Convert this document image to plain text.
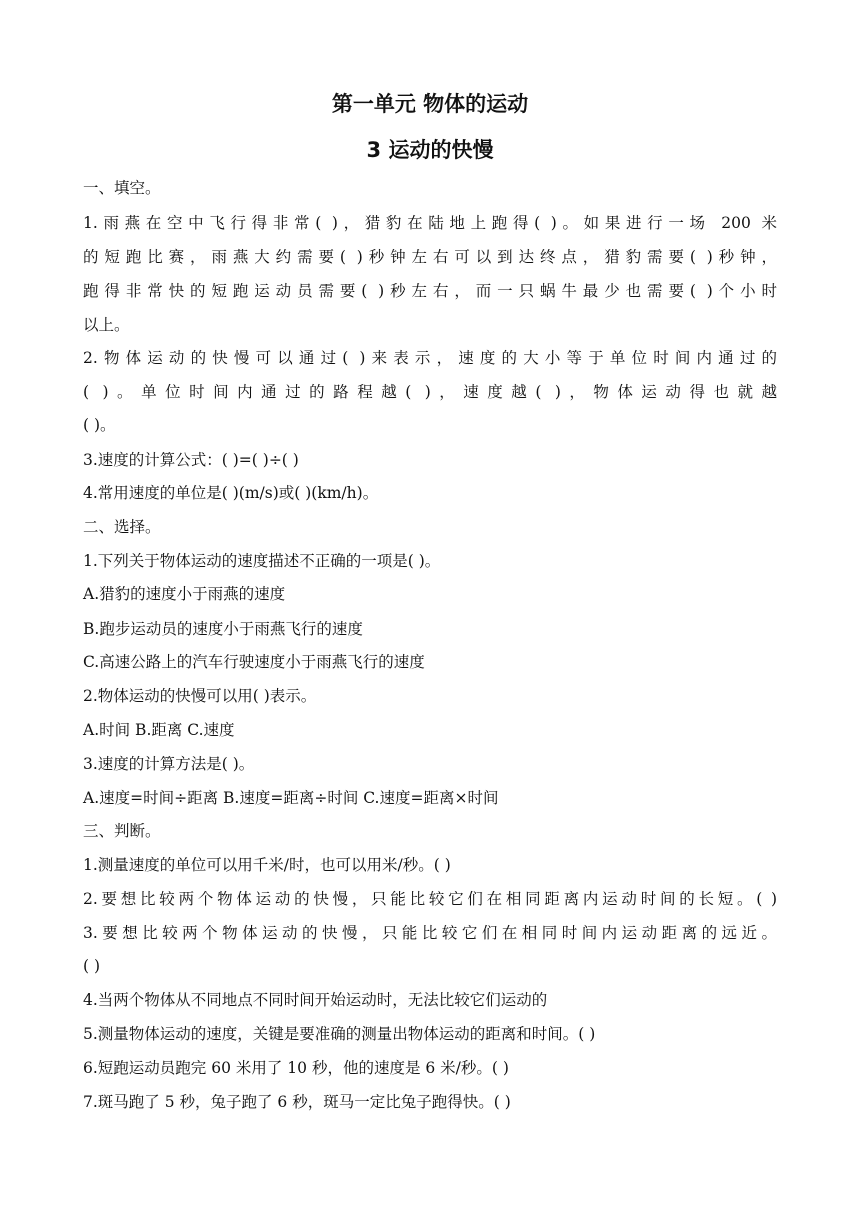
第一单元 物体的运动
3 运动的快慢
一、填空。
1.雨燕在空中飞行得非常( )，猎豹在陆地上跑得( )。如果进行一场 200 米
的短跑比赛，雨燕大约需要( )秒钟左右可以到达终点，猎豹需要( )秒钟，
跑得非常快的短跑运动员需要( )秒左右，而一只蜗牛最少也需要( )个小时
以上。
2.物体运动的快慢可以通过( )来表示，速度的大小等于单位时间内通过的
( )。单位时间内通过的路程越( )，速度越( )，物体运动得也就越
( )。
3.速度的计算公式：( )=( )÷( )
4.常用速度的单位是( )(m/s)或( )(km/h)。
二、选择。
1.下列关于物体运动的速度描述不正确的一项是( )。
A.猎豹的速度小于雨燕的速度
B.跑步运动员的速度小于雨燕飞行的速度
C.高速公路上的汽车行驶速度小于雨燕飞行的速度
2.物体运动的快慢可以用( )表示。
A.时间 B.距离 C.速度
3.速度的计算方法是( )。
A.速度=时间÷距离 B.速度=距离÷时间 C.速度=距离×时间
三、判断。
1.测量速度的单位可以用千米/时，也可以用米/秒。( )
2.要想比较两个物体运动的快慢，只能比较它们在相同距离内运动时间的长短。( )
3.要想比较两个物体运动的快慢，只能比较它们在相同时间内运动距离的远近。
( )
4.当两个物体从不同地点不同时间开始运动时，无法比较它们运动的
5.测量物体运动的速度，关键是要准确的测量出物体运动的距离和时间。( )
6.短跑运动员跑完 60 米用了 10 秒，他的速度是 6 米/秒。( )
7.斑马跑了 5 秒，兔子跑了 6 秒，斑马一定比兔子跑得快。( )
